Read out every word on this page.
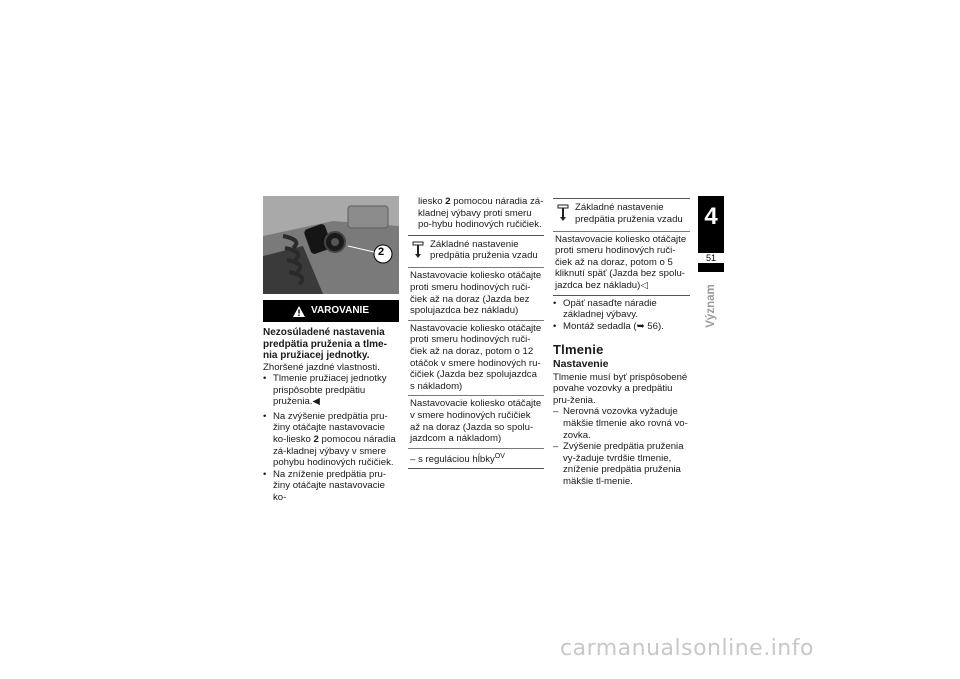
2
VAROVANIE

Nezosúladené nastavenia predpätia pruženia a tlme-nia pružiacej jednotky.

Zhoršené jazdné vlastnosti.

• Tlmenie pružiacej jednotky prispôsobte predpätiu pruženia.◀
• Na zvýšenie predpätia pru-žiny otáčajte nastavovacie ko-liesko 2 pomocou náradia zá-kladnej výbavy v smere pohybu hodinových ručičiek.
• Na zníženie predpätia pru-žiny otáčajte nastavovacie ko-

liesko 2 pomocou náradia zá-kladnej výbavy proti smeru po-hybu hodinových ručičiek.

Základné nastavenie predpätia pruženia vzadu
Nastavovacie koliesko otáčajte proti smeru hodinových ruči-čiek až na doraz (Jazda bez spolujazdca bez nákladu)
Nastavovacie koliesko otáčajte proti smeru hodinových ruči-čiek až na doraz, potom o 12 otáčok v smere hodinových ru-čičiek (Jazda bez spolujazdca s nákladom)
Nastavovacie koliesko otáčajte v smere hodinových ručičiek až na doraz (Jazda so spolu-jazdcom a nákladom)
– s reguláciou hĺbky$^{OV}$
Základné nastavenie predpätia pruženia vzadu
Nastavovacie koliesko otáčajte proti smeru hodinových ruči-čiek až na doraz, potom o 5 kliknutí späť (Jazda bez spolu-jazdca bez nákladu)◁
• Opäť nasaďte náradie základnej výbavy.
• Montáž sedadla (➥ 56).
Tlmenie
Nastavenie

Tlmenie musí byť prispôsobené povahe vozovky a predpätiu pru-ženia.

– Nerovná vozovka vyžaduje mäkšie tlmenie ako rovná vo-zovka.
– Zvýšenie predpätia pruženia vy-žaduje tvrdšie tlmenie, zníženie predpätia pruženia mäkšie tl-menie.
4
51
Význam
carmanualsonline.info
